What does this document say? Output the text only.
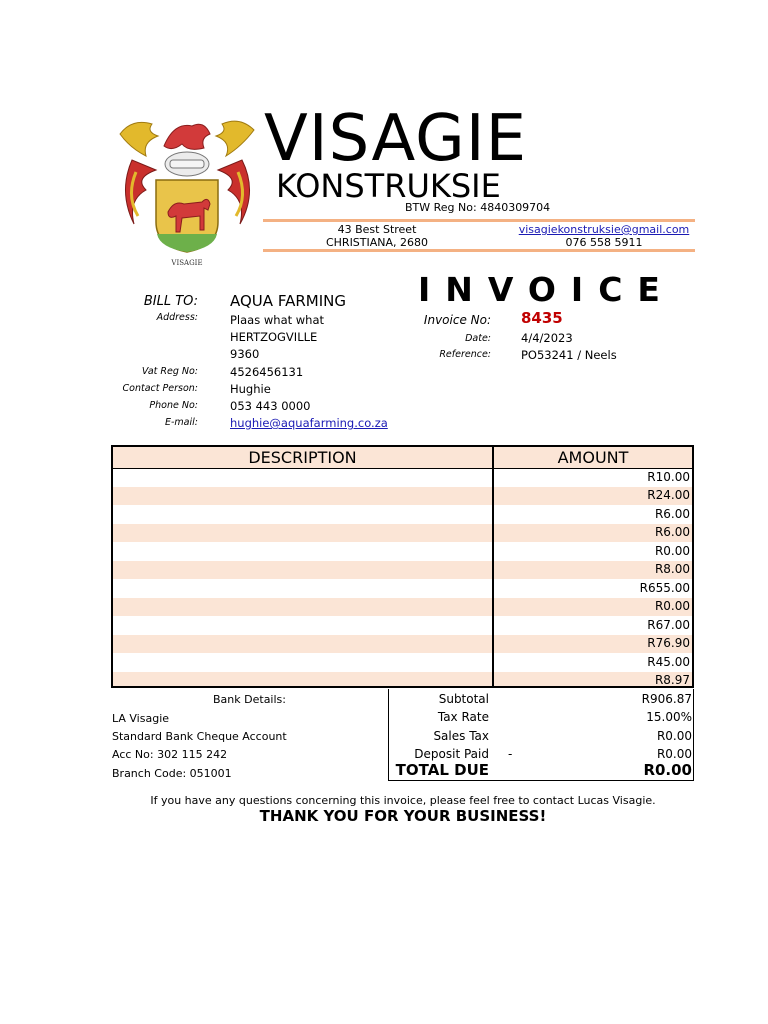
VISAGIE
VISAGIE
KONSTRUKSIE
BTW Reg No: 4840309704
43 Best Street
CHRISTIANA, 2680
visagiekonstruksie@gmail.com
076 558 5911
BILL TO: AQUA FARMING
Address:	Plaas what what
HERTZOGVILLE
9360
Vat Reg No:	4526456131
Contact Person:	Hughie
Phone No:	053 443 0000
E-mail:	hughie@aquafarming.co.za
INVOICE
Invoice No: 8435
Date:	4/4/2023
Reference:	PO53241 / Neels
DESCRIPTION	AMOUNT
R10.00
R24.00
R6.00
R6.00
R0.00
R8.00
R655.00
R0.00
R67.00
R76.90
R45.00
R8.97
Bank Details:
LA Visagie
Standard Bank Cheque Account
Acc No: 302 115 242
Branch Code: 051001
Subtotal	R906.87
Tax Rate	15.00%
Sales Tax	R0.00
Deposit Paid -	R0.00
TOTAL DUE	R0.00
If you have any questions concerning this invoice, please feel free to contact Lucas Visagie.
THANK YOU FOR YOUR BUSINESS!
